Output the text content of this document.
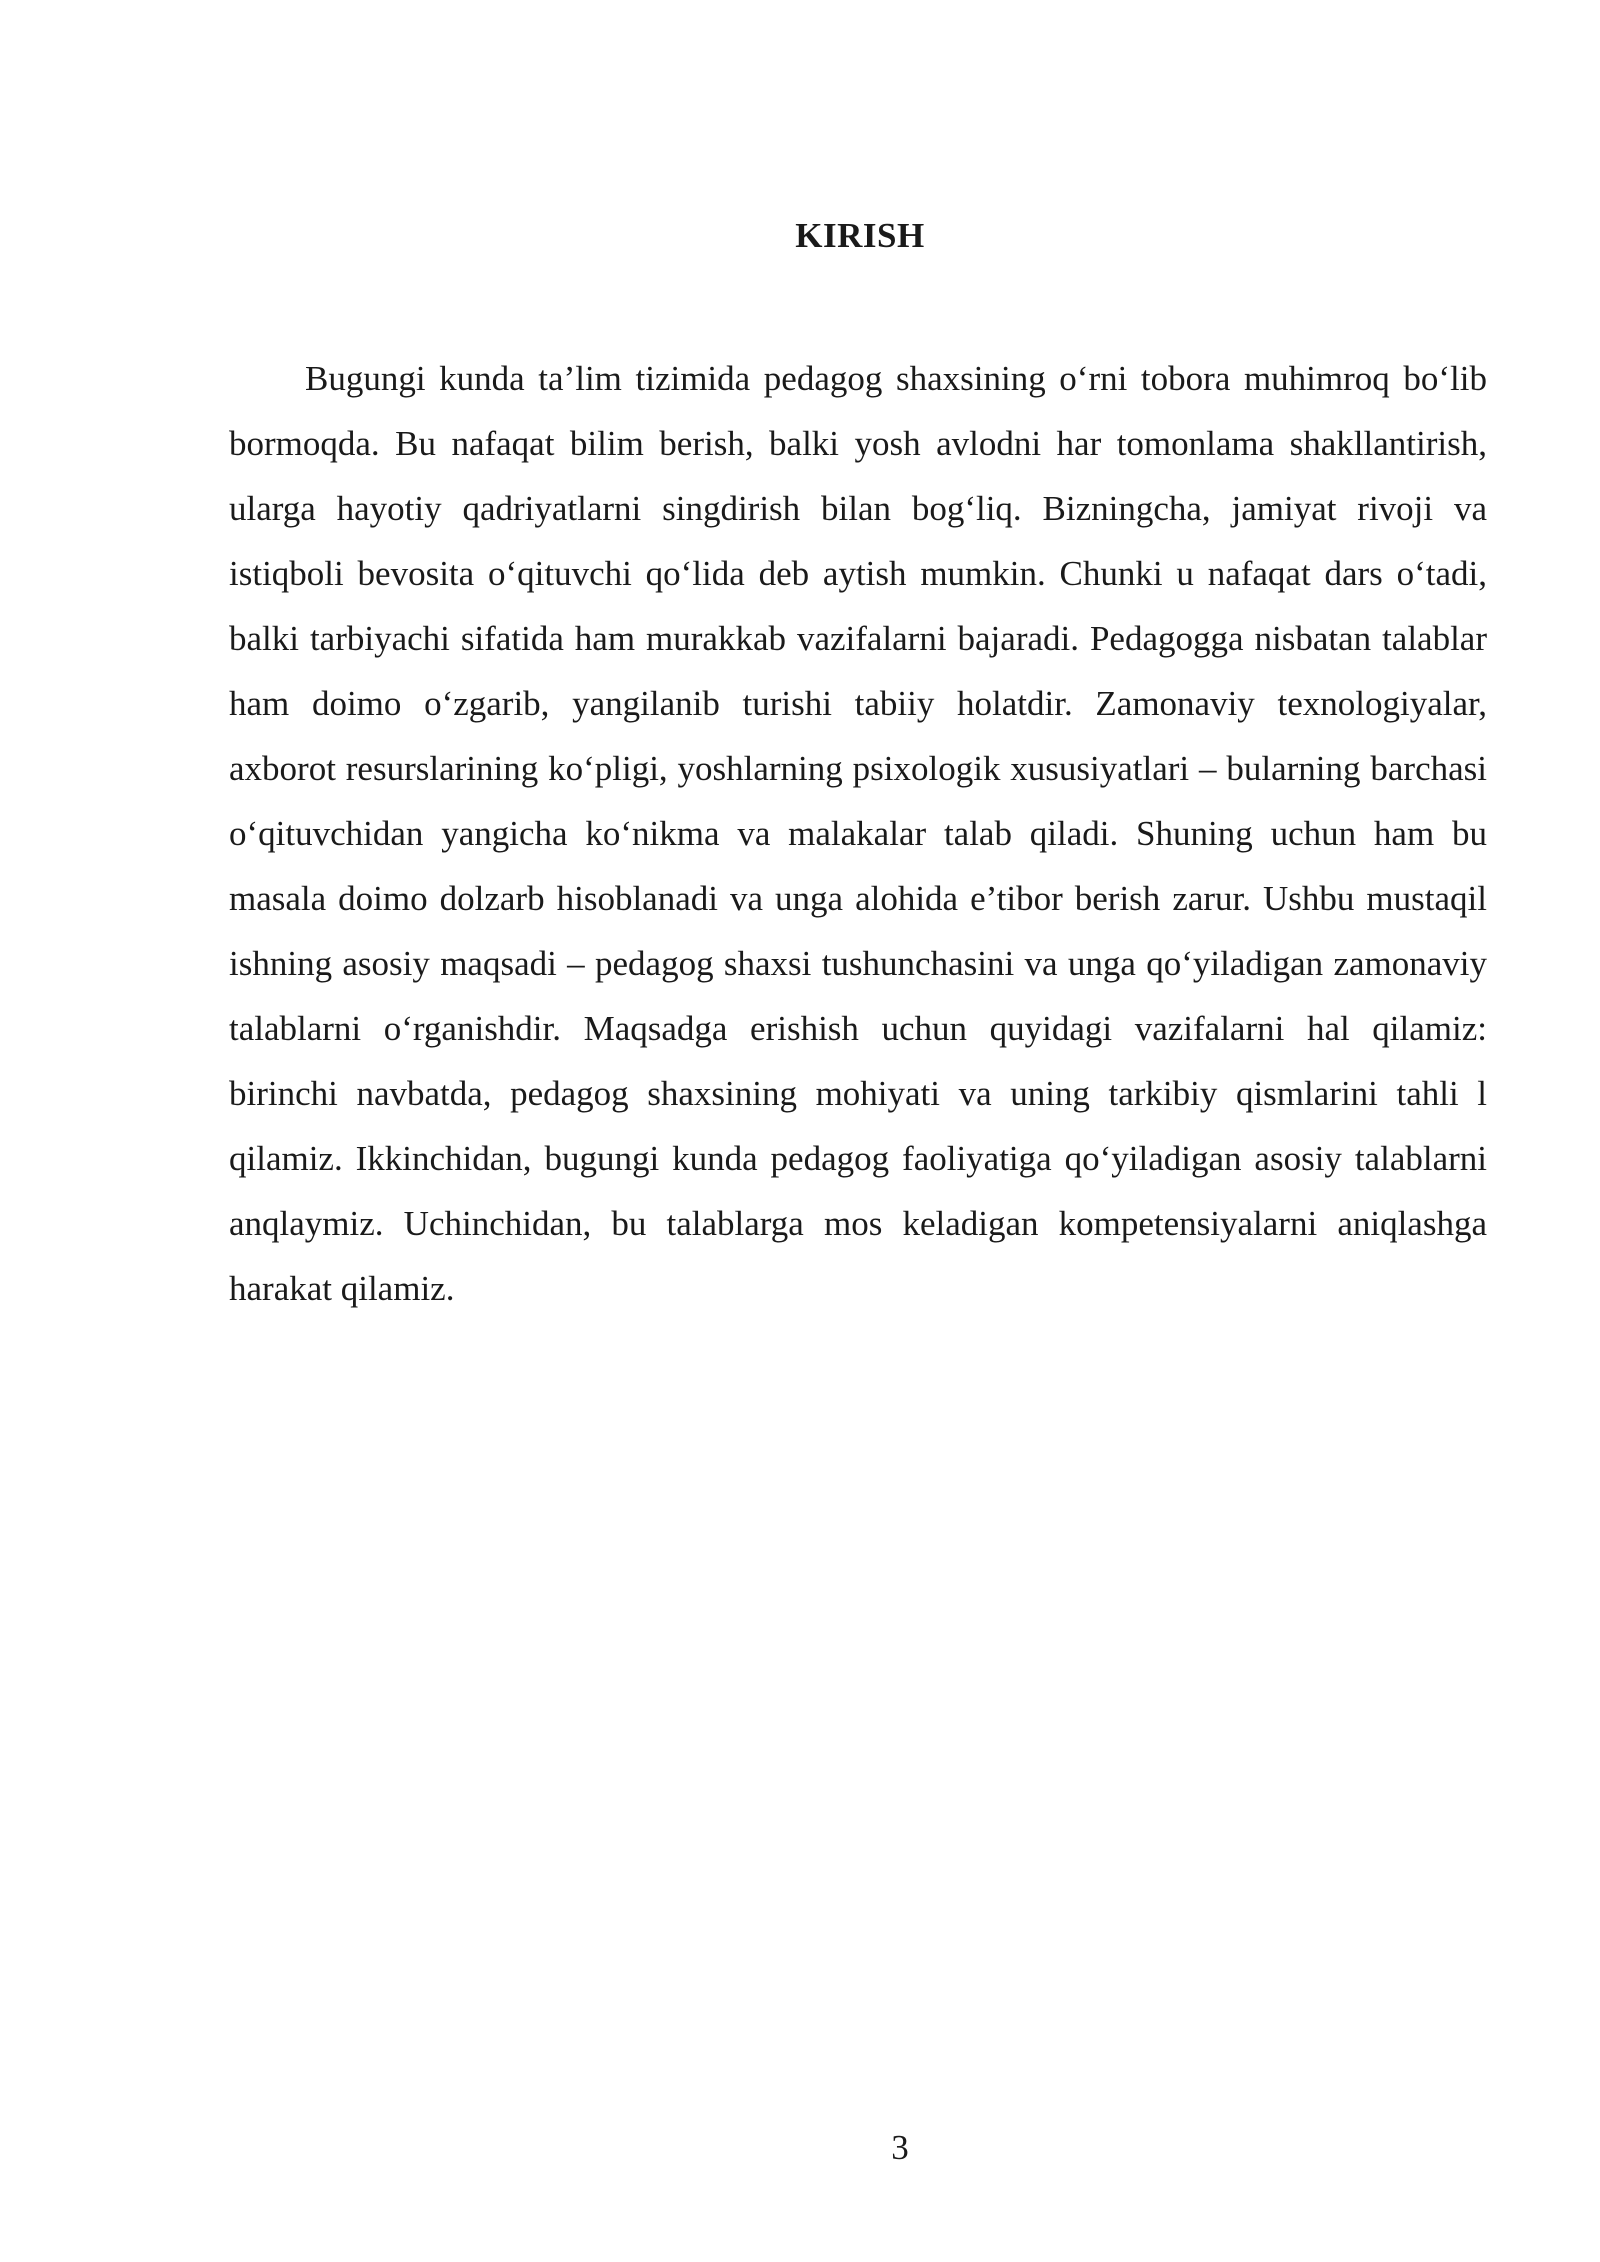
KIRISH

Bugungi kunda ta’lim tizimida pedagog shaxsining o‘rni tobora muhimroq bo‘lib bormoqda. Bu nafaqat bilim berish, balki yosh avlodni har tomonlama shakllantirish, ularga hayotiy qadriyatlarni singdirish bilan bog‘liq. Bizningcha, jamiyat rivoji va istiqboli bevosita o‘qituvchi qo‘lida deb aytish mumkin. Chunki u nafaqat dars o‘tadi, balki tarbiyachi sifatida ham murakkab vazifalarni bajaradi. Pedagogga nisbatan talablar ham doimo o‘zgarib, yangilanib turishi tabiiy holatdir. Zamonaviy texnologiyalar, axborot resurslarining ko‘pligi, yoshlarning psixologik xususiyatlari – bularning barchasi o‘qituvchidan yangicha ko‘nikma va malakalar talab qiladi. Shuning uchun ham bu masala doimo dolzarb hisoblanadi va unga alohida e’tibor berish zarur. Ushbu mustaqil ishning asosiy maqsadi – pedagog shaxsi tushunchasini va unga qo‘yiladigan zamonaviy talablarni o‘rganishdir. Maqsadga erishish uchun quyidagi vazifalarni hal qilamiz: birinchi navbatda, pedagog shaxsining mohiyati va uning tarkibiy qismlarini tahli l qilamiz. Ikkinchidan, bugungi kunda pedagog faoliyatiga qo‘yiladigan asosiy talablarni anqlaymiz. Uchinchidan, bu talablarga mos keladigan kompetensiyalarni aniqlashga harakat qilamiz.

3
